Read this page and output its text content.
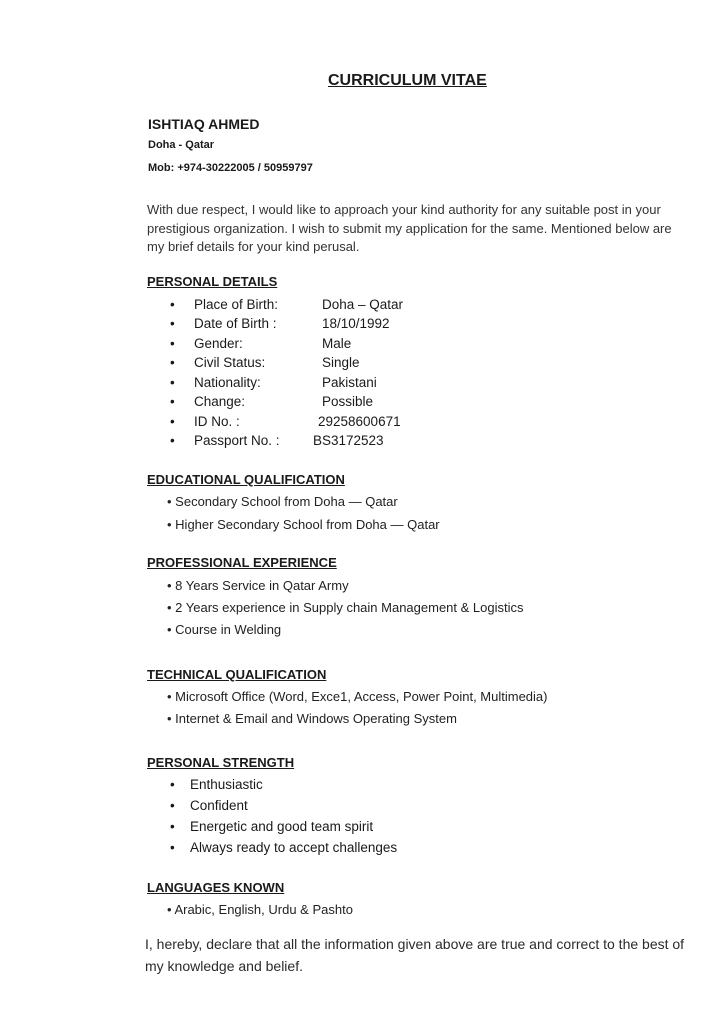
CURRICULUM VITAE
ISHTIAQ AHMED
Doha - Qatar
Mob: +974-30222005 / 50959797
With due respect, I would like to approach your kind authority for any suitable post in your prestigious organization. I wish to submit my application for the same. Mentioned below are my brief details for your kind perusal.
PERSONAL DETAILS
• Place of Birth:	Doha – Qatar
• Date of Birth :	18/10/1992
• Gender:	Male
• Civil Status:	Single
• Nationality:	Pakistani
• Change:	Possible
• ID No. :	29258600671
• Passport No. : BS3172523
EDUCATIONAL QUALIFICATION
• Secondary School from Doha — Qatar
• Higher Secondary School from Doha — Qatar
PROFESSIONAL EXPERIENCE
• 8 Years Service in Qatar Army
• 2 Years experience in Supply chain Management & Logistics
• Course in Welding
TECHNICAL QUALIFICATION
• Microsoft Office (Word, Exce1, Access, Power Point, Multimedia)
• Internet & Email and Windows Operating System
PERSONAL STRENGTH
• Enthusiastic
• Confident
• Energetic and good team spirit
• Always ready to accept challenges
LANGUAGES KNOWN
• Arabic, English, Urdu & Pashto
I, hereby, declare that all the information given above are true and correct to the best of my knowledge and belief.
